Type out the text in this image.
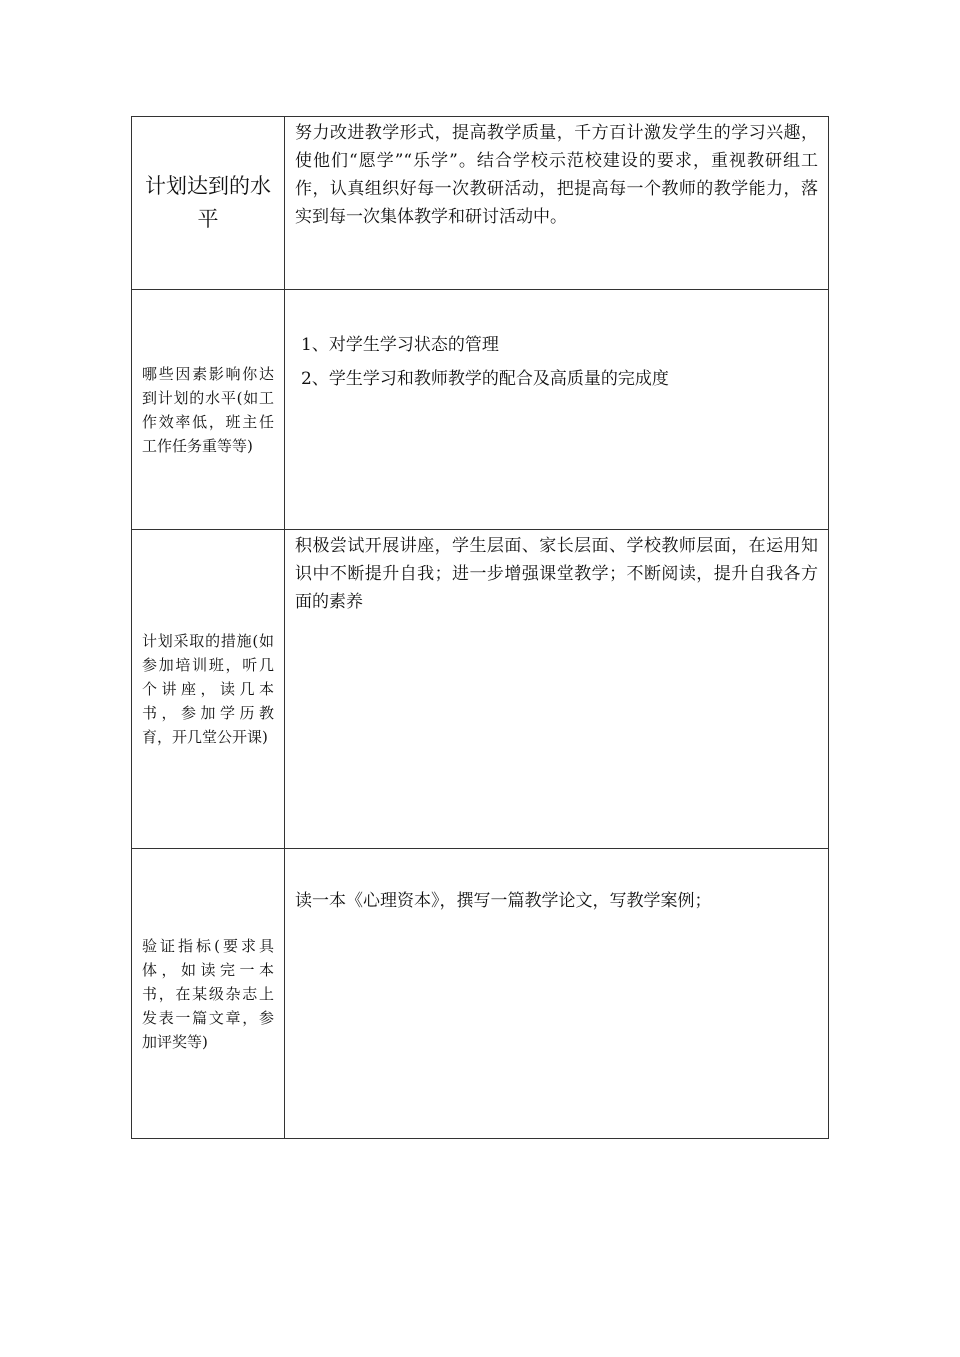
计划达到的水平	努力改进教学形式，提高教学质量，千方百计激发学生的学习兴趣，使他们“愿学”“乐学”。结合学校示范校建设的要求，重视教研组工作，认真组织好每一次教研活动，把提高每一个教师的教学能力，落实到每一次集体教学和研讨活动中。

哪些因素影响你达到计划的水平(如工作效率低，班主任工作任务重等等)	1、对学生学习状态的管理
2、学生学习和教师教学的配合及高质量的完成度

计划采取的措施(如参加培训班，听几个讲座，读几本书，参加学历教育，开几堂公开课)	积极尝试开展讲座，学生层面、家长层面、学校教师层面，在运用知识中不断提升自我；进一步增强课堂教学；不断阅读，提升自我各方面的素养

验证指标(要求具体，如读完一本书，在某级杂志上发表一篇文章，参加评奖等)	读一本《心理资本》，撰写一篇教学论文，写教学案例；
